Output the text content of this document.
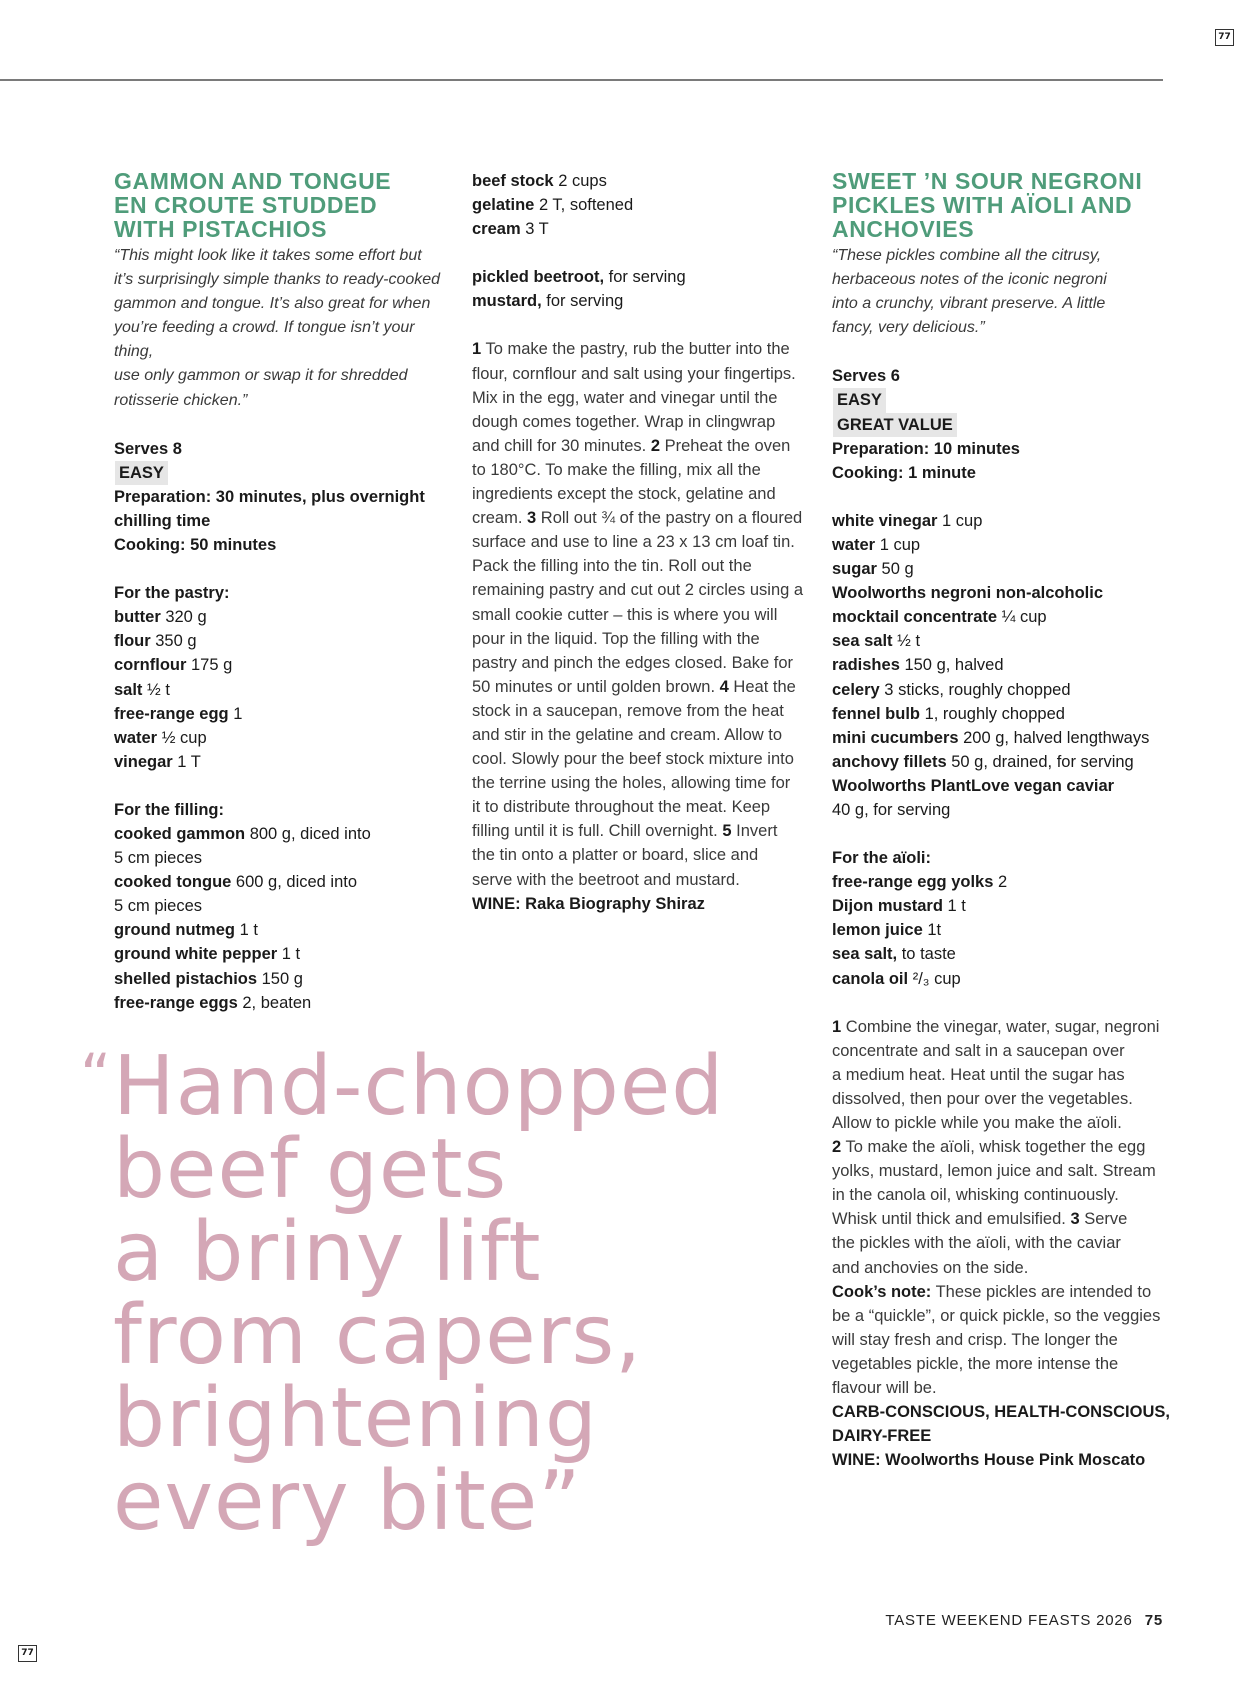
77

GAMMON AND TONGUE

EN CROUTE STUDDED

WITH PISTACHIOS

“This might look like it takes some effort but

it’s surprisingly simple thanks to ready-cooked

gammon and tongue. It’s also great for when

you’re feeding a crowd. If tongue isn’t your thing,

use only gammon or swap it for shredded

rotisserie chicken.”

Serves 8

EASY

Preparation: 30 minutes, plus overnight

chilling time

Cooking: 50 minutes

For the pastry:

butter 320 g

flour 350 g

cornflour 175 g

salt ½ t

free-range egg 1

water ½ cup

vinegar 1 T

For the filling:

cooked gammon 800 g, diced into

5 cm pieces

cooked tongue 600 g, diced into

5 cm pieces

ground nutmeg 1 t

ground white pepper 1 t

shelled pistachios 150 g

free-range eggs 2, beaten

beef stock 2 cups

gelatine 2 T, softened

cream 3 T

pickled beetroot, for serving

mustard, for serving

1 To make the pastry, rub the butter into the

flour, cornflour and salt using your fingertips.

Mix in the egg, water and vinegar until the

dough comes together. Wrap in clingwrap

and chill for 30 minutes. 2 Preheat the oven

to 180°C. To make the filling, mix all the

ingredients except the stock, gelatine and

cream. 3 Roll out ¾ of the pastry on a floured

surface and use to line a 23 x 13 cm loaf tin.

Pack the filling into the tin. Roll out the

remaining pastry and cut out 2 circles using a

small cookie cutter – this is where you will

pour in the liquid. Top the filling with the

pastry and pinch the edges closed. Bake for

50 minutes or until golden brown. 4 Heat the

stock in a saucepan, remove from the heat

and stir in the gelatine and cream. Allow to

cool. Slowly pour the beef stock mixture into

the terrine using the holes, allowing time for

it to distribute throughout the meat. Keep

filling until it is full. Chill overnight. 5 Invert

the tin onto a platter or board, slice and

serve with the beetroot and mustard.

WINE: Raka Biography Shiraz

SWEET ’N SOUR NEGRONI

PICKLES WITH AÏOLI AND

ANCHOVIES

“These pickles combine all the citrusy,

herbaceous notes of the iconic negroni

into a crunchy, vibrant preserve. A little

fancy, very delicious.”

Serves 6

EASY

GREAT VALUE

Preparation: 10 minutes

Cooking: 1 minute

white vinegar 1 cup

water 1 cup

sugar 50 g

Woolworths negroni non-alcoholic

mocktail concentrate ¼ cup

sea salt ½ t

radishes 150 g, halved

celery 3 sticks, roughly chopped

fennel bulb 1, roughly chopped

mini cucumbers 200 g, halved lengthways

anchovy fillets 50 g, drained, for serving

Woolworths PlantLove vegan caviar

40 g, for serving

For the aïoli:

free-range egg yolks 2

Dijon mustard 1 t

lemon juice 1t

sea salt, to taste

canola oil ²/₃ cup

1 Combine the vinegar, water, sugar, negroni

concentrate and salt in a saucepan over

a medium heat. Heat until the sugar has

dissolved, then pour over the vegetables.

Allow to pickle while you make the aïoli.

2 To make the aïoli, whisk together the egg

yolks, mustard, lemon juice and salt. Stream

in the canola oil, whisking continuously.

Whisk until thick and emulsified. 3 Serve

the pickles with the aïoli, with the caviar

and anchovies on the side.

Cook’s note: These pickles are intended to

be a “quickle”, or quick pickle, so the veggies

will stay fresh and crisp. The longer the

vegetables pickle, the more intense the

flavour will be.

CARB-CONSCIOUS, HEALTH-CONSCIOUS,

DAIRY-FREE

WINE: Woolworths House Pink Moscato

“ Hand-chopped
beef gets
a briny lift
from capers,
brightening
every bite”
TASTE WEEKEND FEASTS 2026 75
77
